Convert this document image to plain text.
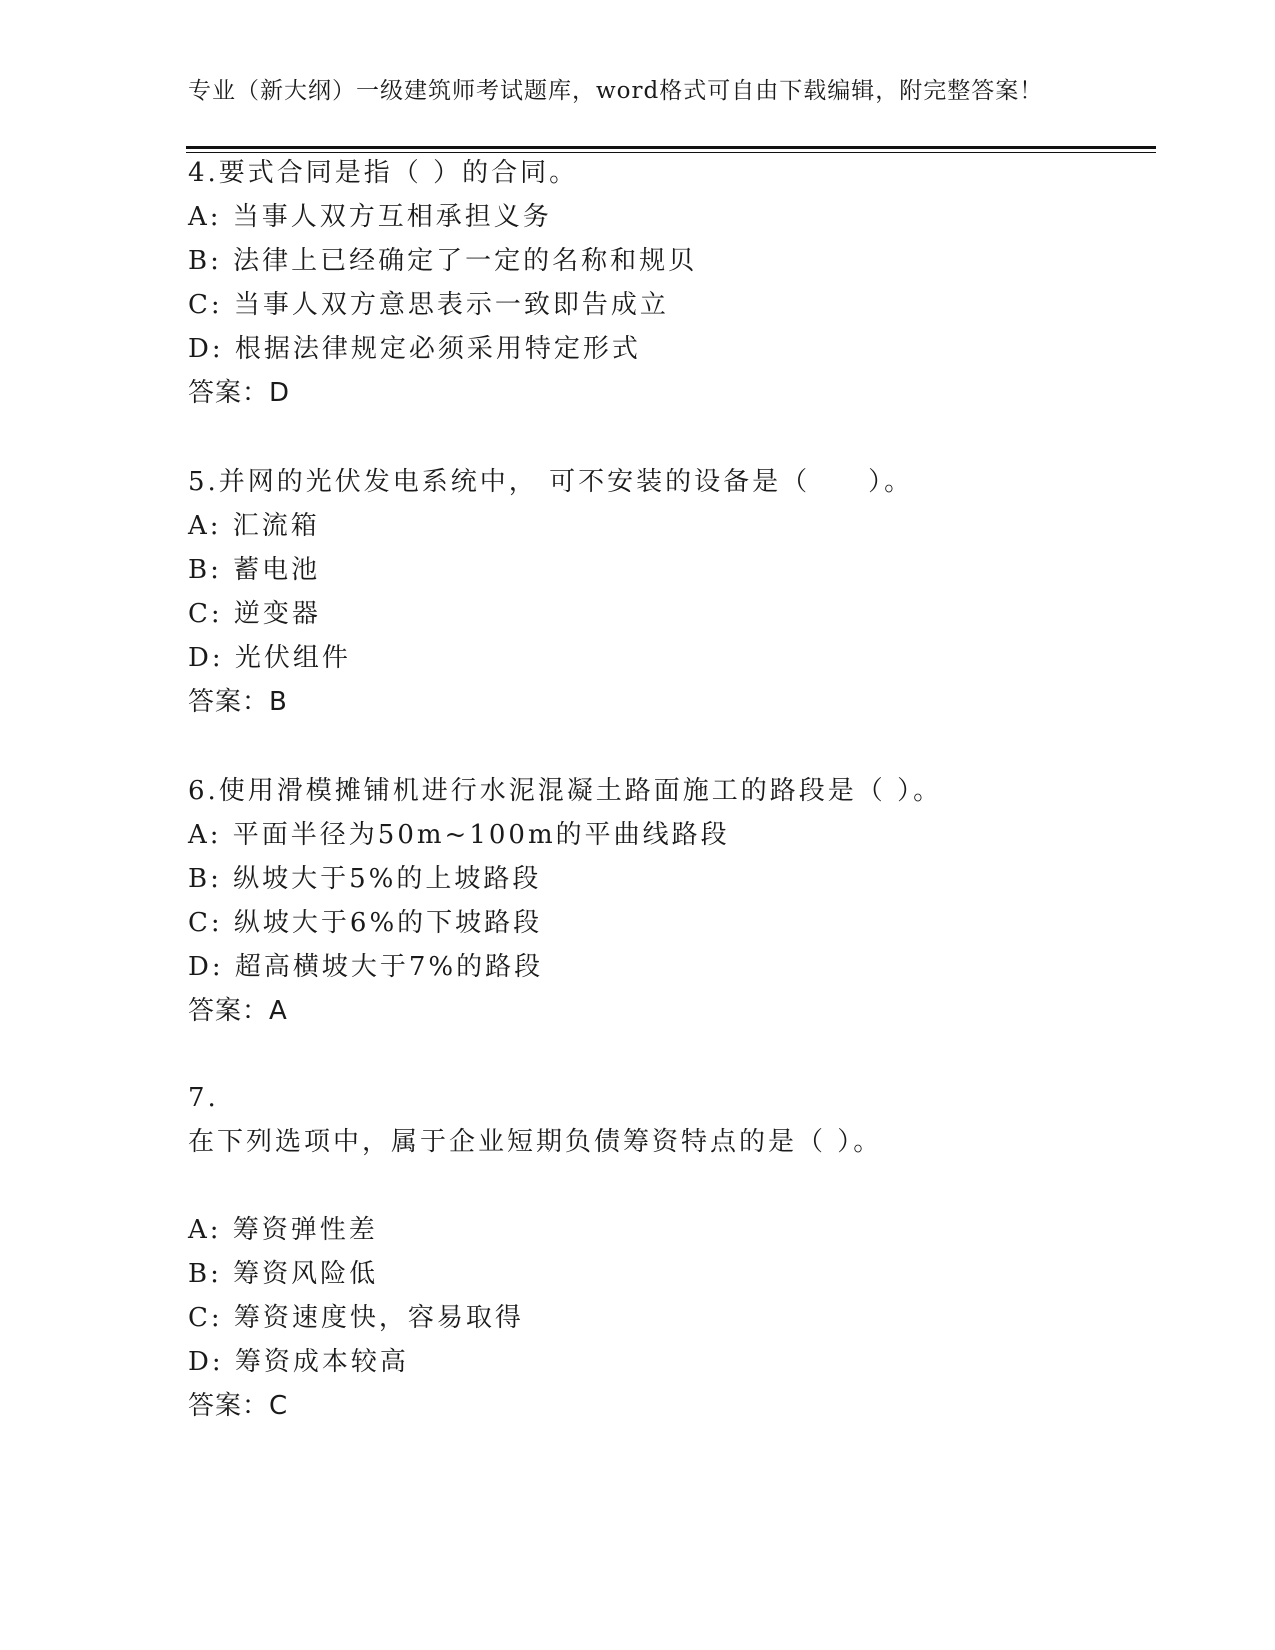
专业（新大纲）一级建筑师考试题库，word格式可自由下载编辑，附完整答案！
4.要式合同是指（ ）的合同。
A: 当事人双方互相承担义务
B: 法律上已经确定了一定的名称和规贝
C: 当事人双方意思表示一致即告成立
D: 根据法律规定必须采用特定形式
答案：D
5.并网的光伏发电系统中， 可不安装的设备是（　　）。
A: 汇流箱
B: 蓄电池
C: 逆变器
D: 光伏组件
答案：B
6.使用滑模摊铺机进行水泥混凝土路面施工的路段是（ ）。
A: 平面半径为50m~100m的平曲线路段
B: 纵坡大于5%的上坡路段
C: 纵坡大于6%的下坡路段
D: 超高横坡大于7%的路段
答案：A
7.
在下列选项中，属于企业短期负债筹资特点的是（ ）。
A: 筹资弹性差
B: 筹资风险低
C: 筹资速度快，容易取得
D: 筹资成本较高
答案：C
